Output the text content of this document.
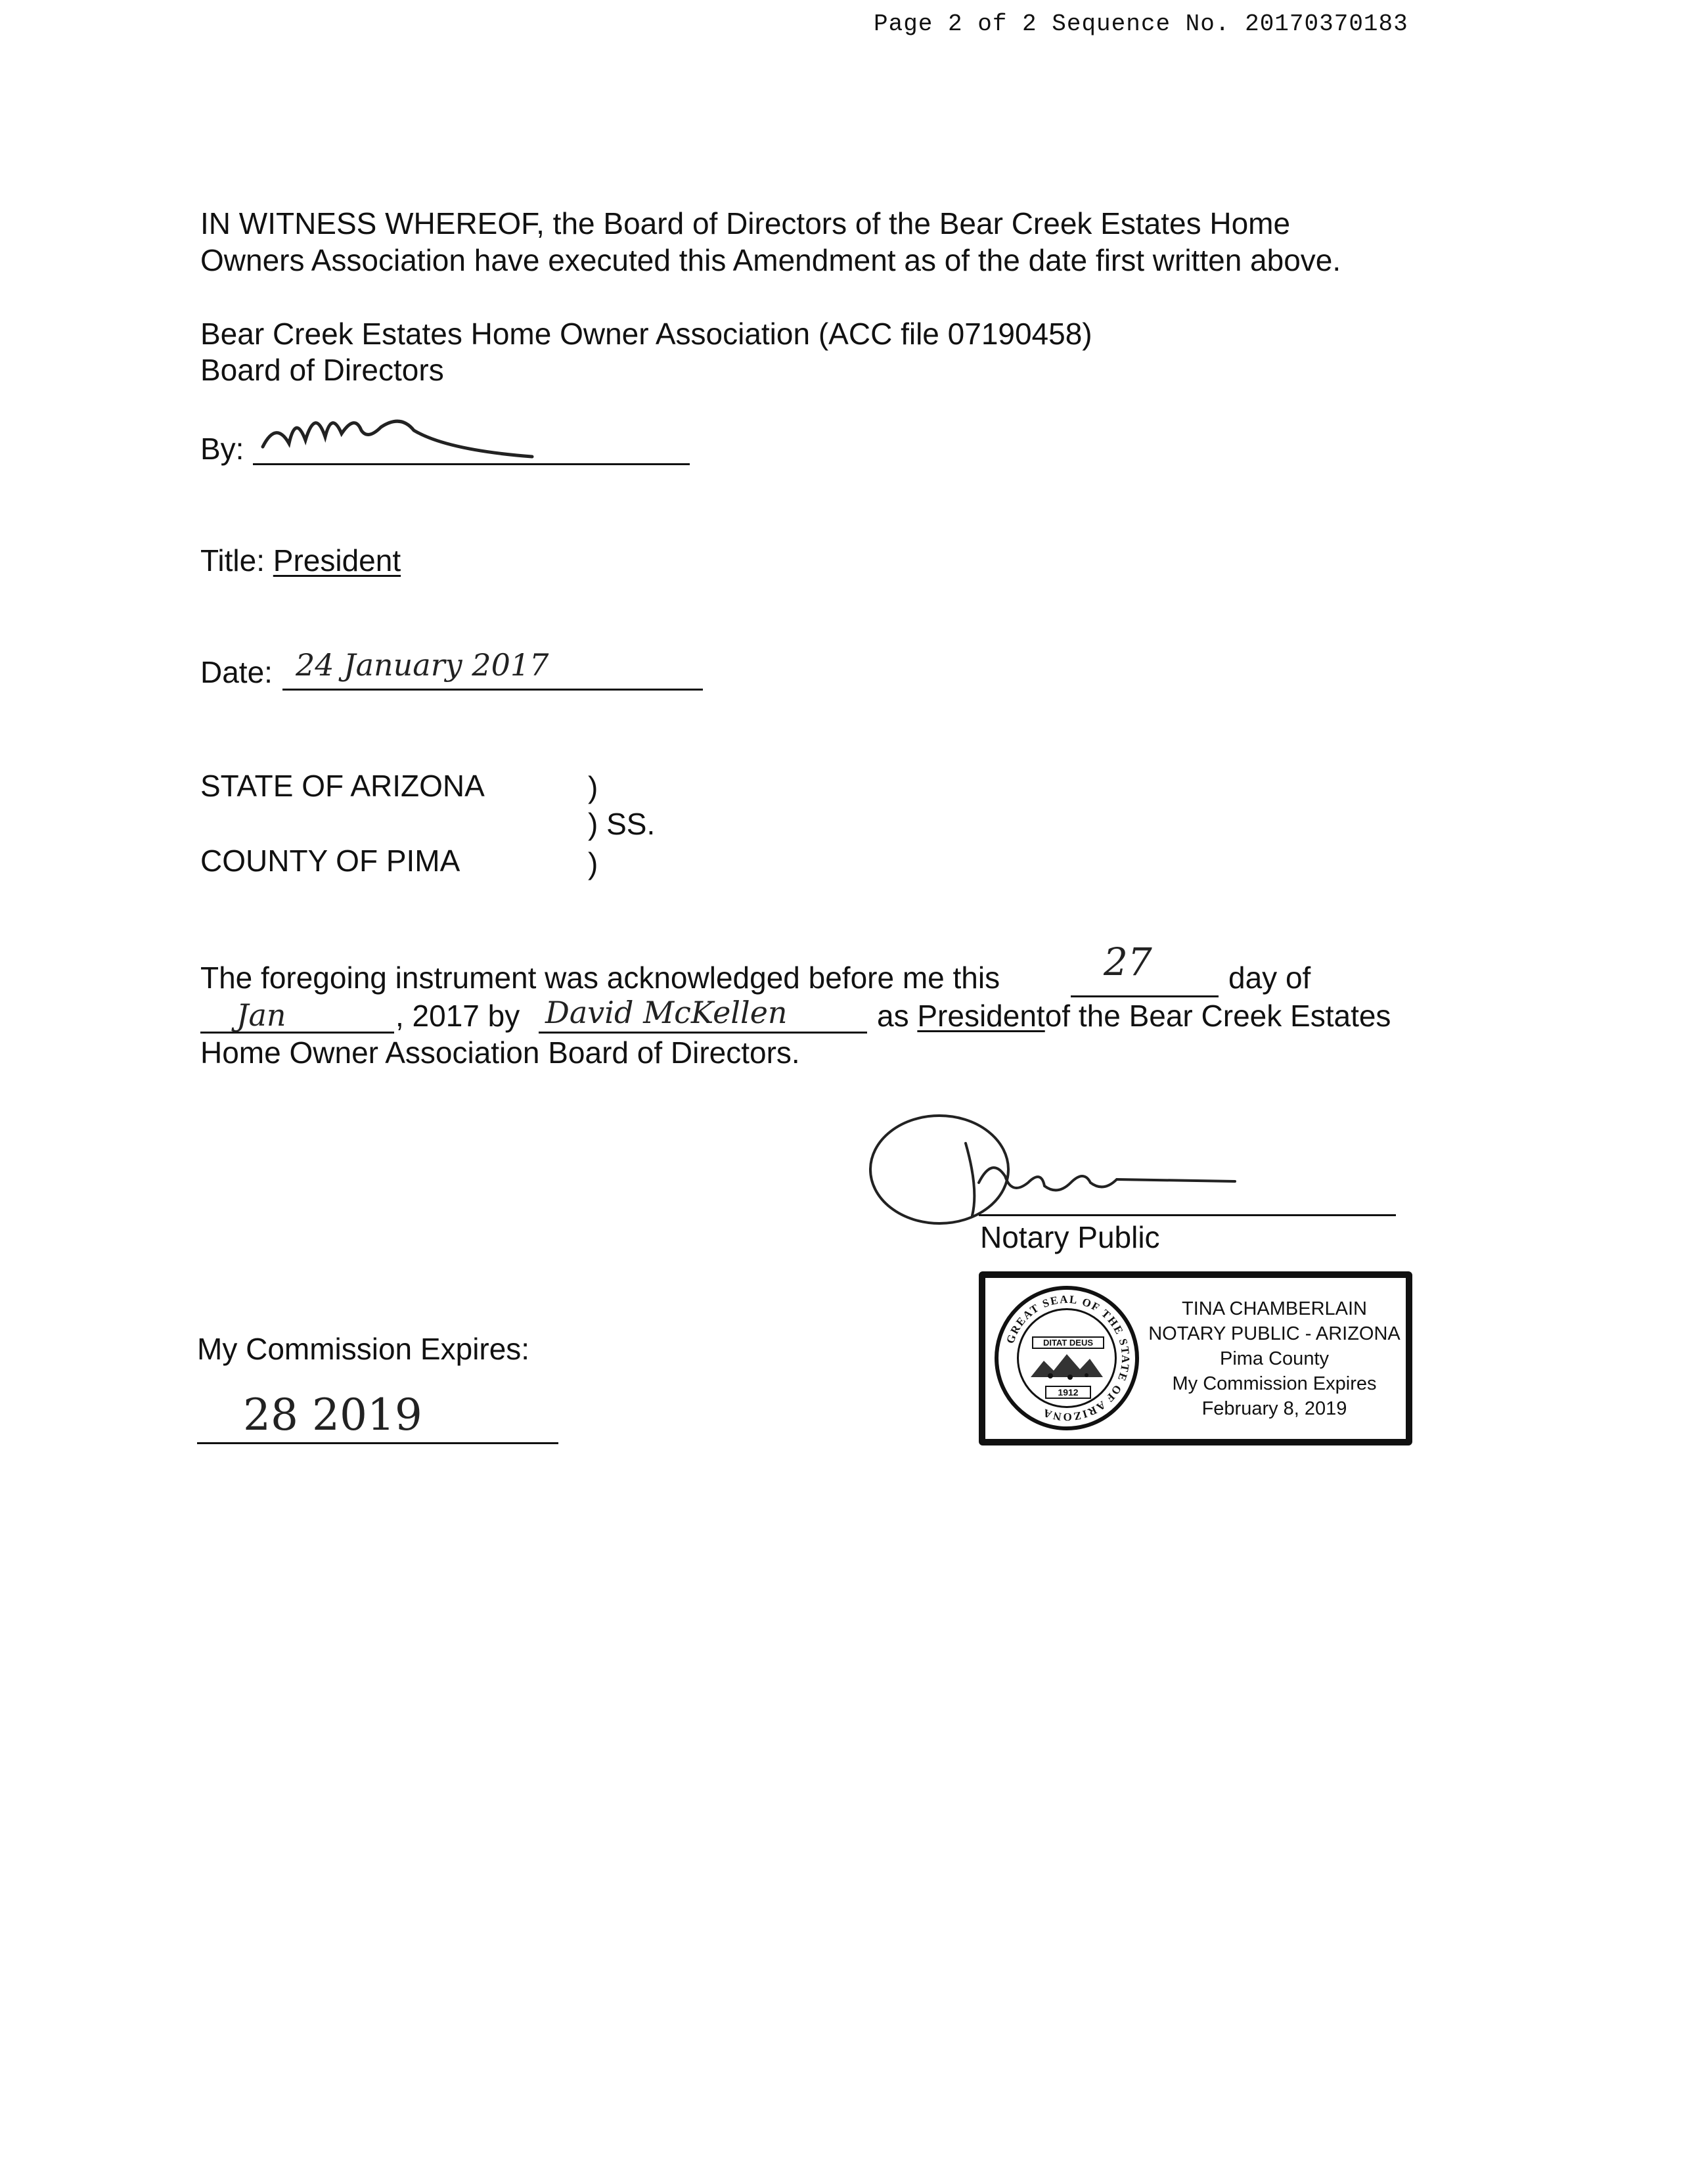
Page 2 of 2 Sequence No. 20170370183
IN WITNESS WHEREOF, the Board of Directors of the Bear Creek Estates Home
Owners Association have executed this Amendment as of the date first written above.
Bear Creek Estates Home Owner Association (ACC file 07190458)
Board of Directors
By:
Title: President
Date: 24 January 2017
STATE OF ARIZONA	)
) SS.
COUNTY OF PIMA	)
The foregoing instrument was acknowledged before me this	27	day of
Jan	, 2017 by David McKellen	as Presidentof the Bear Creek Estates
Home Owner Association Board of Directors.
Notary Public
My Commission Expires:
28 2019
GREAT SEAL OF THE STATE OF ARIZONA
DITAT DEUS
1912
TINA CHAMBERLAIN
NOTARY PUBLIC - ARIZONA
Pima County
My Commission Expires
February 8, 2019
